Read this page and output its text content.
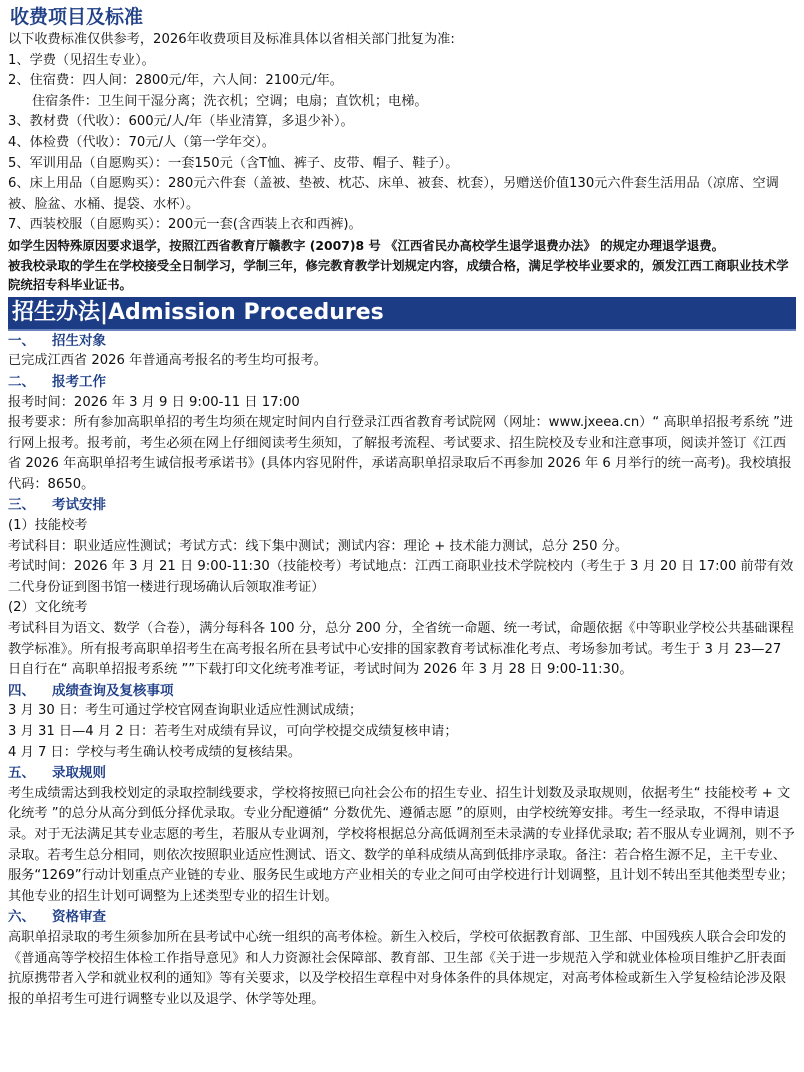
收费项目及标准

以下收费标准仅供参考，2026年收费项目及标准具体以省相关部门批复为准:

1、学费（见招生专业）。

2、住宿费：四人间：2800元/年，六人间：2100元/年。

住宿条件：卫生间干湿分离；洗衣机；空调；电扇；直饮机；电梯。

3、教材费（代收）：600元/人/年（毕业清算，多退少补）。

4、体检费（代收）：70元/人（第一学年交）。

5、军训用品（自愿购买）：一套150元（含T恤、裤子、皮带、帽子、鞋子）。

6、床上用品（自愿购买）：280元六件套（盖被、垫被、枕芯、床单、被套、枕套），另赠送价值130元六件套生活用品（凉席、空调被、脸盆、水桶、提袋、水杯）。

7、西装校服（自愿购买）：200元一套(含西装上衣和西裤)。

如学生因特殊原因要求退学，按照江西省教育厅赣教字 (2007)8 号 《江西省民办高校学生退学退费办法》 的规定办理退学退费。

被我校录取的学生在学校接受全日制学习，学制三年，修完教育教学计划规定内容，成绩合格，满足学校毕业要求的，颁发江西工商职业技术学院统招专科毕业证书。

招生办法|Admission Procedures

一、 招生对象

已完成江西省 2026 年普通高考报名的考生均可报考。

二、 报考工作

报考时间：2026 年 3 月 9 日 9:00-11 日 17:00

报考要求：所有参加高职单招的考生均须在规定时间内自行登录江西省教育考试院网（网址：www.jxeea.cn）“ 高职单招报考系统 ”进行网上报考。报考前，考生必须在网上仔细阅读考生须知，了解报考流程、考试要求、招生院校及专业和注意事项，阅读并签订《江西省 2026 年高职单招考生诚信报考承诺书》(具体内容见附件，承诺高职单招录取后不再参加 2026 年 6 月举行的统一高考)。我校填报代码：8650。

三、 考试安排

(1）技能校考

考试科目：职业适应性测试；考试方式：线下集中测试；测试内容：理论 + 技术能力测试，总分 250 分。

考试时间：2026 年 3 月 21 日 9:00-11:30（技能校考）考试地点：江西工商职业技术学院校内（考生于 3 月 20 日 17:00 前带有效二代身份证到图书馆一楼进行现场确认后领取准考证）

(2）文化统考

考试科目为语文、数学（合卷），满分每科各 100 分，总分 200 分，全省统一命题、统一考试，命题依据《中等职业学校公共基础课程教学标准》。所有报考高职单招考生在高考报名所在县考试中心安排的国家教育考试标准化考点、考场参加考试。考生于 3 月 23—27 日自行在“ 高职单招报考系统 ””下载打印文化统考准考证，考试时间为 2026 年 3 月 28 日 9:00-11:30。

四、 成绩查询及复核事项

3 月 30 日：考生可通过学校官网查询职业适应性测试成绩；

3 月 31 日—4 月 2 日：若考生对成绩有异议，可向学校提交成绩复核申请；

4 月 7 日：学校与考生确认校考成绩的复核结果。

五、 录取规则

考生成绩需达到我校划定的录取控制线要求，学校将按照已向社会公布的招生专业、招生计划数及录取规则，依据考生“ 技能校考 + 文化统考 ”的总分从高分到低分择优录取。专业分配遵循“ 分数优先、遵循志愿 ”的原则，由学校统筹安排。考生一经录取，不得申请退录。对于无法满足其专业志愿的考生，若服从专业调剂，学校将根据总分高低调剂至未录满的专业择优录取; 若不服从专业调剂，则不予录取。若考生总分相同，则依次按照职业适应性测试、语文、数学的单科成绩从高到低排序录取。备注：若合格生源不足，主干专业、服务“1269”行动计划重点产业链的专业、服务民生或地方产业相关的专业之间可由学校进行计划调整，且计划不转出至其他类型专业；其他专业的招生计划可调整为上述类型专业的招生计划。

六、 资格审查

高职单招录取的考生须参加所在县考试中心统一组织的高考体检。新生入校后，学校可依据教育部、卫生部、中国残疾人联合会印发的《普通高等学校招生体检工作指导意见》和人力资源社会保障部、教育部、卫生部《关于进一步规范入学和就业体检项目维护乙肝表面抗原携带者入学和就业权利的通知》等有关要求，以及学校招生章程中对身体条件的具体规定，对高考体检或新生入学复检结论涉及限报的单招考生可进行调整专业以及退学、休学等处理。
